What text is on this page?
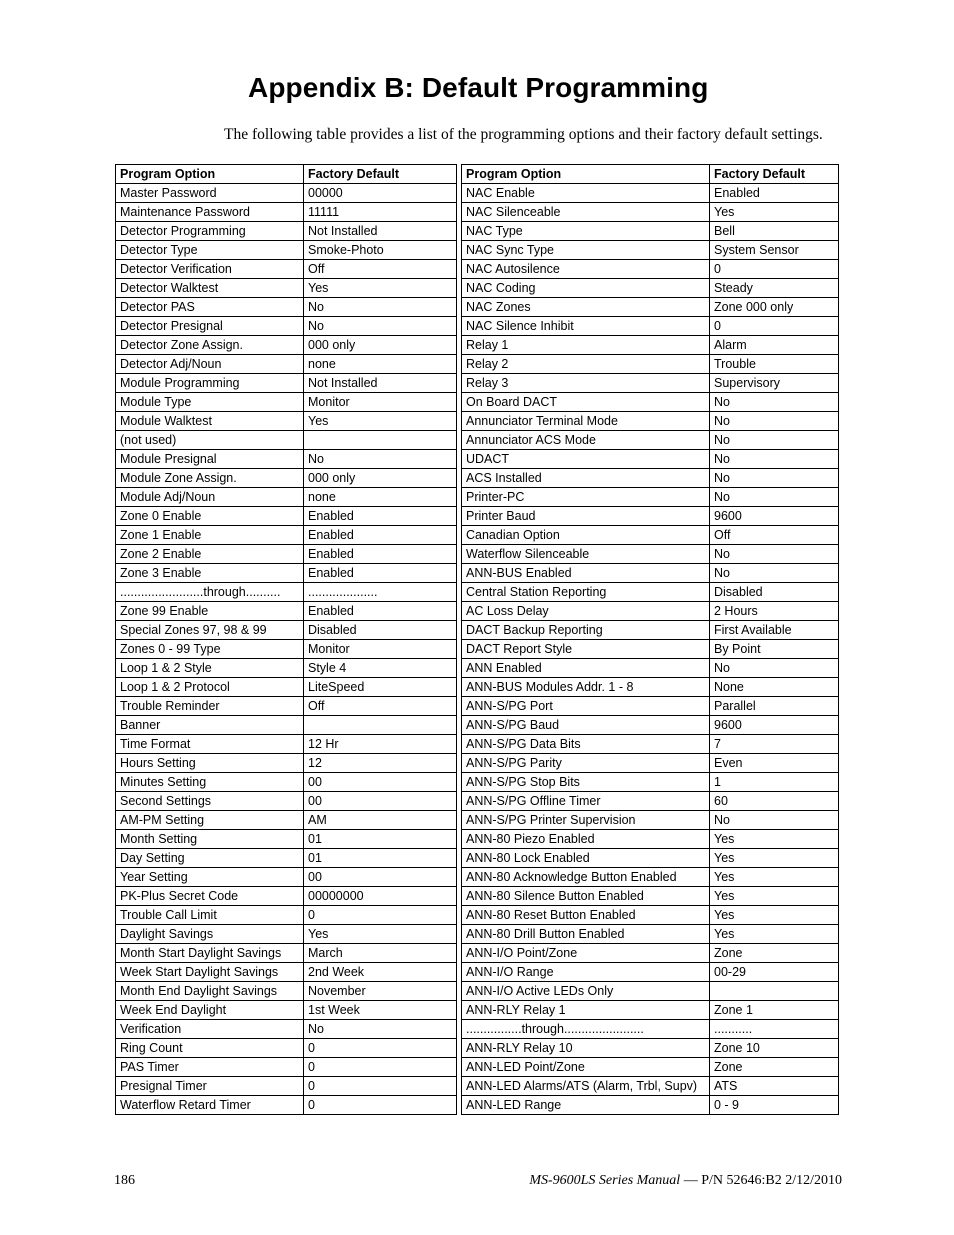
Appendix B: Default Programming

The following table provides a list of the programming options and their factory default settings.

Program Option	Factory Default
Master Password	00000
Maintenance Password	11111
Detector Programming	Not Installed
Detector Type	Smoke-Photo
Detector Verification	Off
Detector Walktest	Yes
Detector PAS	No
Detector Presignal	No
Detector Zone Assign.	000 only
Detector Adj/Noun	none
Module Programming	Not Installed
Module Type	Monitor
Module Walktest	Yes
(not used)	
Module Presignal	No
Module Zone Assign.	000 only
Module Adj/Noun	none
Zone 0 Enable	Enabled
Zone 1 Enable	Enabled
Zone 2 Enable	Enabled
Zone 3 Enable	Enabled
........................through..........	....................
Zone 99 Enable	Enabled
Special Zones 97, 98 & 99	Disabled
Zones 0 - 99 Type	Monitor
Loop 1 & 2 Style	Style 4
Loop 1 & 2 Protocol	LiteSpeed
Trouble Reminder	Off
Banner	
Time Format	12 Hr
Hours Setting	12
Minutes Setting	00
Second Settings	00
AM-PM Setting	AM
Month Setting	01
Day Setting	01
Year Setting	00
PK-Plus Secret Code	00000000
Trouble Call Limit	0
Daylight Savings	Yes
Month Start Daylight Savings	March
Week Start Daylight Savings	2nd Week
Month End Daylight Savings	November
Week End Daylight	1st Week
Verification	No
Ring Count	0
PAS Timer	0
Presignal Timer	0
Waterflow Retard Timer	0
Program Option	Factory Default
NAC Enable	Enabled
NAC Silenceable	Yes
NAC Type	Bell
NAC Sync Type	System Sensor
NAC Autosilence	0
NAC Coding	Steady
NAC Zones	Zone 000 only
NAC Silence Inhibit	0
Relay 1	Alarm
Relay 2	Trouble
Relay 3	Supervisory
On Board DACT	No
Annunciator Terminal Mode	No
Annunciator ACS Mode	No
UDACT	No
ACS Installed	No
Printer-PC	No
Printer Baud	9600
Canadian Option	Off
Waterflow Silenceable	No
ANN-BUS Enabled	No
Central Station Reporting	Disabled
AC Loss Delay	2 Hours
DACT Backup Reporting	First Available
DACT Report Style	By Point
ANN Enabled	No
ANN-BUS Modules Addr. 1 - 8	None
ANN-S/PG Port	Parallel
ANN-S/PG Baud	9600
ANN-S/PG Data Bits	7
ANN-S/PG Parity	Even
ANN-S/PG Stop Bits	1
ANN-S/PG Offline Timer	60
ANN-S/PG Printer Supervision	No
ANN-80 Piezo Enabled	Yes
ANN-80 Lock Enabled	Yes
ANN-80 Acknowledge Button Enabled	Yes
ANN-80 Silence Button Enabled	Yes
ANN-80 Reset Button Enabled	Yes
ANN-80 Drill Button Enabled	Yes
ANN-I/O Point/Zone	Zone
ANN-I/O Range	00-29
ANN-I/O Active LEDs Only	
ANN-RLY Relay 1	Zone 1
................through.......................	...........
ANN-RLY Relay 10	Zone 10
ANN-LED Point/Zone	Zone
ANN-LED Alarms/ATS (Alarm, Trbl, Supv)	ATS
ANN-LED Range	0 - 9

186	MS-9600LS Series Manual — P/N 52646:B2 2/12/2010
